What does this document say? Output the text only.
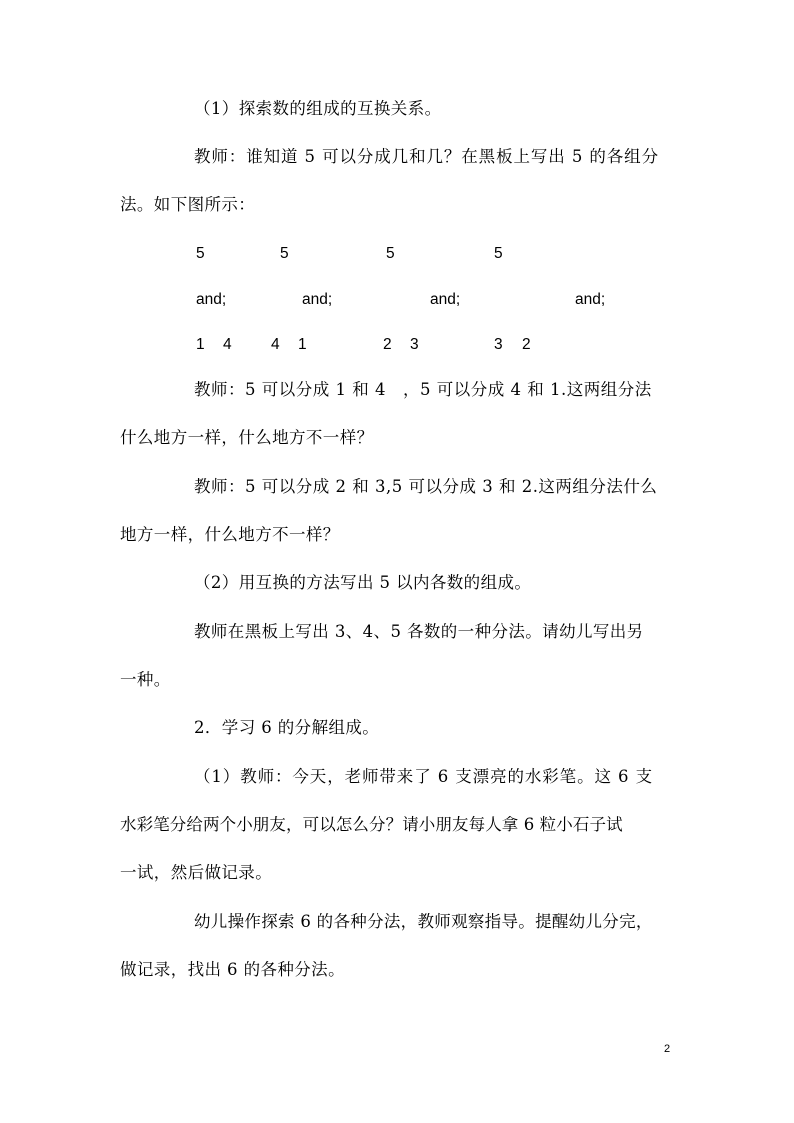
（1）探索数的组成的互换关系。
教师：谁知道 5 可以分成几和几？在黑板上写出 5 的各组分
法。如下图所示：
5	5	5	5
and;	and;	and;	and;
1 4	4 1	2 3	3 2
教师：5 可以分成 1 和 4　，5 可以分成 4 和 1.这两组分法
什么地方一样，什么地方不一样？
教师：5 可以分成 2 和 3,5 可以分成 3 和 2.这两组分法什么
地方一样，什么地方不一样？
（2）用互换的方法写出 5 以内各数的组成。
教师在黑板上写出 3、4、5 各数的一种分法。请幼儿写出另
一种。
2．学习 6 的分解组成。
（1）教师：今天，老师带来了 6 支漂亮的水彩笔。这 6 支
水彩笔分给两个小朋友，可以怎么分？请小朋友每人拿 6 粒小石子试
一试，然后做记录。
幼儿操作探索 6 的各种分法，教师观察指导。提醒幼儿分完，
做记录，找出 6 的各种分法。
2
